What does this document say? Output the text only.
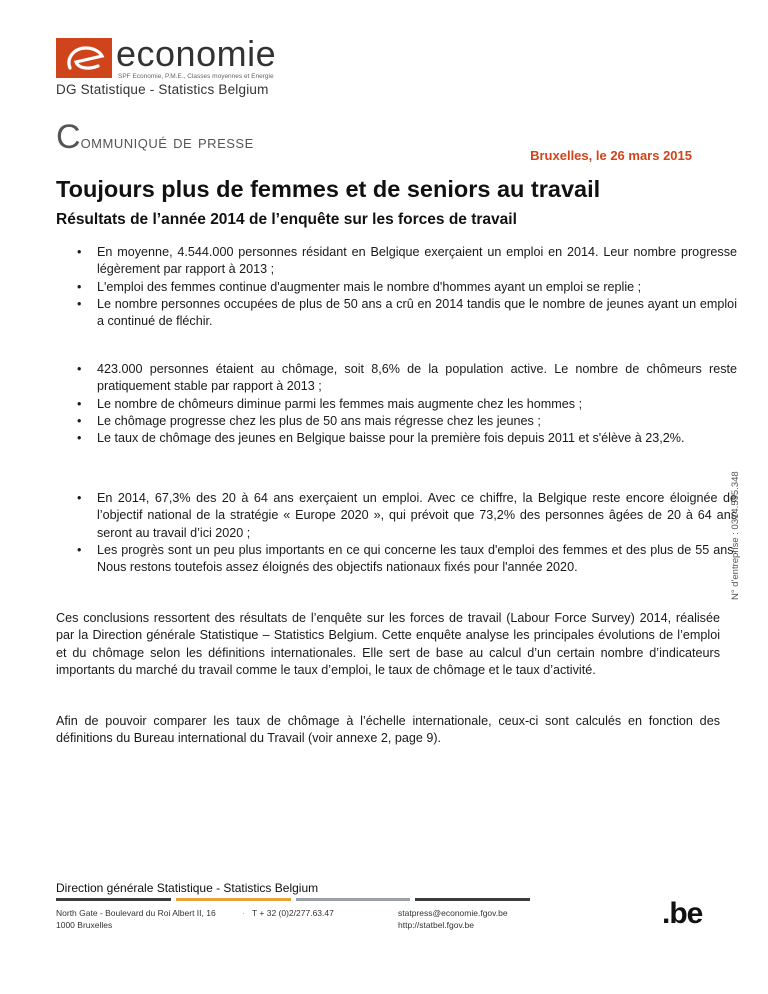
economie
SPF Economie, P.M.E., Classes moyennes et Energie
DG Statistique - Statistics Belgium
Communiqué de presse
Bruxelles, le 26 mars 2015
Toujours plus de femmes et de seniors au travail
Résultats de l’année 2014 de l’enquête sur les forces de travail
• En moyenne, 4.544.000 personnes résidant en Belgique exerçaient un emploi en 2014. Leur nombre progresse légèrement par rapport à 2013 ;
• L'emploi des femmes continue d'augmenter mais le nombre d'hommes ayant un emploi se replie ;
• Le nombre personnes occupées de plus de 50 ans a crû en 2014 tandis que le nombre de jeunes ayant un emploi a continué de fléchir.
• 423.000 personnes étaient au chômage, soit 8,6% de la population active. Le nombre de chômeurs reste pratiquement stable par rapport à 2013 ;
• Le nombre de chômeurs diminue parmi les femmes mais augmente chez les hommes ;
• Le chômage progresse chez les plus de 50 ans mais régresse chez les jeunes ;
• Le taux de chômage des jeunes en Belgique baisse pour la première fois depuis 2011 et s'élève à 23,2%.
• En 2014, 67,3% des 20 à 64 ans exerçaient un emploi. Avec ce chiffre, la Belgique reste encore éloignée de l’objectif national de la stratégie « Europe 2020 », qui prévoit que 73,2% des personnes âgées de 20 à 64 ans seront au travail d’ici 2020 ;
• Les progrès sont un peu plus importants en ce qui concerne les taux d'emploi des femmes et des plus de 55 ans. Nous restons toutefois assez éloignés des objectifs nationaux fixés pour l'année 2020.

Ces conclusions ressortent des résultats de l’enquête sur les forces de travail (Labour Force Survey) 2014, réalisée par la Direction générale Statistique – Statistics Belgium. Cette enquête analyse les principales évolutions de l’emploi et du chômage selon les définitions internationales. Elle sert de base au calcul d’un certain nombre d’indicateurs importants du marché du travail comme le taux d’emploi, le taux de chômage et le taux d’activité.

Afin de pouvoir comparer les taux de chômage à l’échelle internationale, ceux-ci sont calculés en fonction des définitions du Bureau international du Travail (voir annexe 2, page 9).

N° d'entreprise : 0314.595.348
Direction générale Statistique - Statistics Belgium
North Gate - Boulevard du Roi Albert II, 16
1000 Bruxelles
· T + 32 (0)2/277.63.47	statpress@economie.fgov.be
http://statbel.fgov.be	.be
